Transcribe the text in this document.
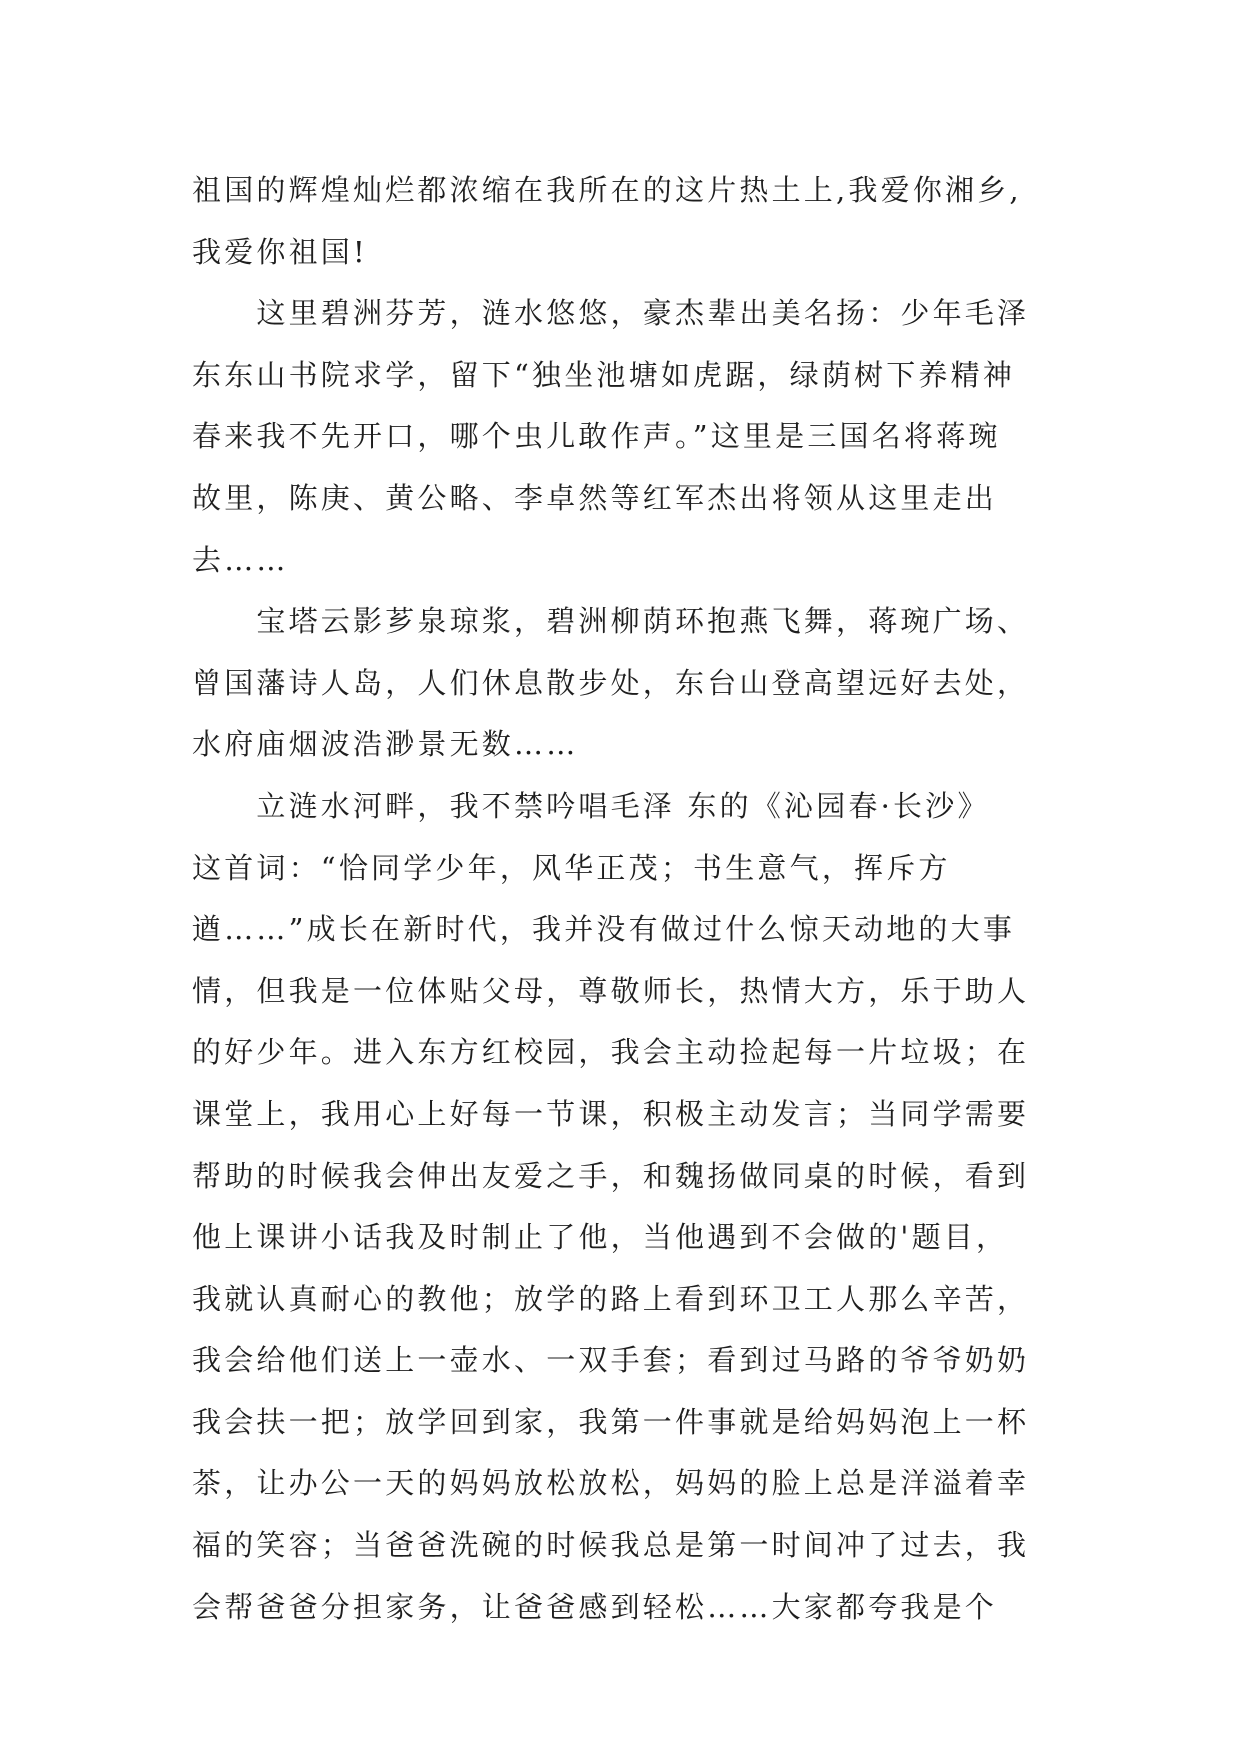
祖国的辉煌灿烂都浓缩在我所在的这片热土上,我爱你湘乡,
我爱你祖国!
　　这里碧洲芬芳，涟水悠悠，豪杰辈出美名扬：少年毛泽
东东山书院求学，留下“独坐池塘如虎踞，绿荫树下养精神
春来我不先开口，哪个虫儿敢作声。”这里是三国名将蒋琬
故里，陈庚、黄公略、李卓然等红军杰出将领从这里走出
去……
　　宝塔云影芗泉琼浆，碧洲柳荫环抱燕飞舞，蒋琬广场、
曾国藩诗人岛，人们休息散步处，东台山登高望远好去处，
水府庙烟波浩渺景无数……
　　立涟水河畔，我不禁吟唱毛泽 东的《沁园春·长沙》
这首词：“恰同学少年，风华正茂；书生意气，挥斥方
遒……”成长在新时代，我并没有做过什么惊天动地的大事
情，但我是一位体贴父母，尊敬师长，热情大方，乐于助人
的好少年。进入东方红校园，我会主动捡起每一片垃圾；在
课堂上，我用心上好每一节课，积极主动发言；当同学需要
帮助的时候我会伸出友爱之手，和魏扬做同桌的时候，看到
他上课讲小话我及时制止了他，当他遇到不会做的'题目，
我就认真耐心的教他；放学的路上看到环卫工人那么辛苦，
我会给他们送上一壶水、一双手套；看到过马路的爷爷奶奶
我会扶一把；放学回到家，我第一件事就是给妈妈泡上一杯
茶，让办公一天的妈妈放松放松，妈妈的脸上总是洋溢着幸
福的笑容；当爸爸洗碗的时候我总是第一时间冲了过去，我
会帮爸爸分担家务，让爸爸感到轻松……大家都夸我是个
